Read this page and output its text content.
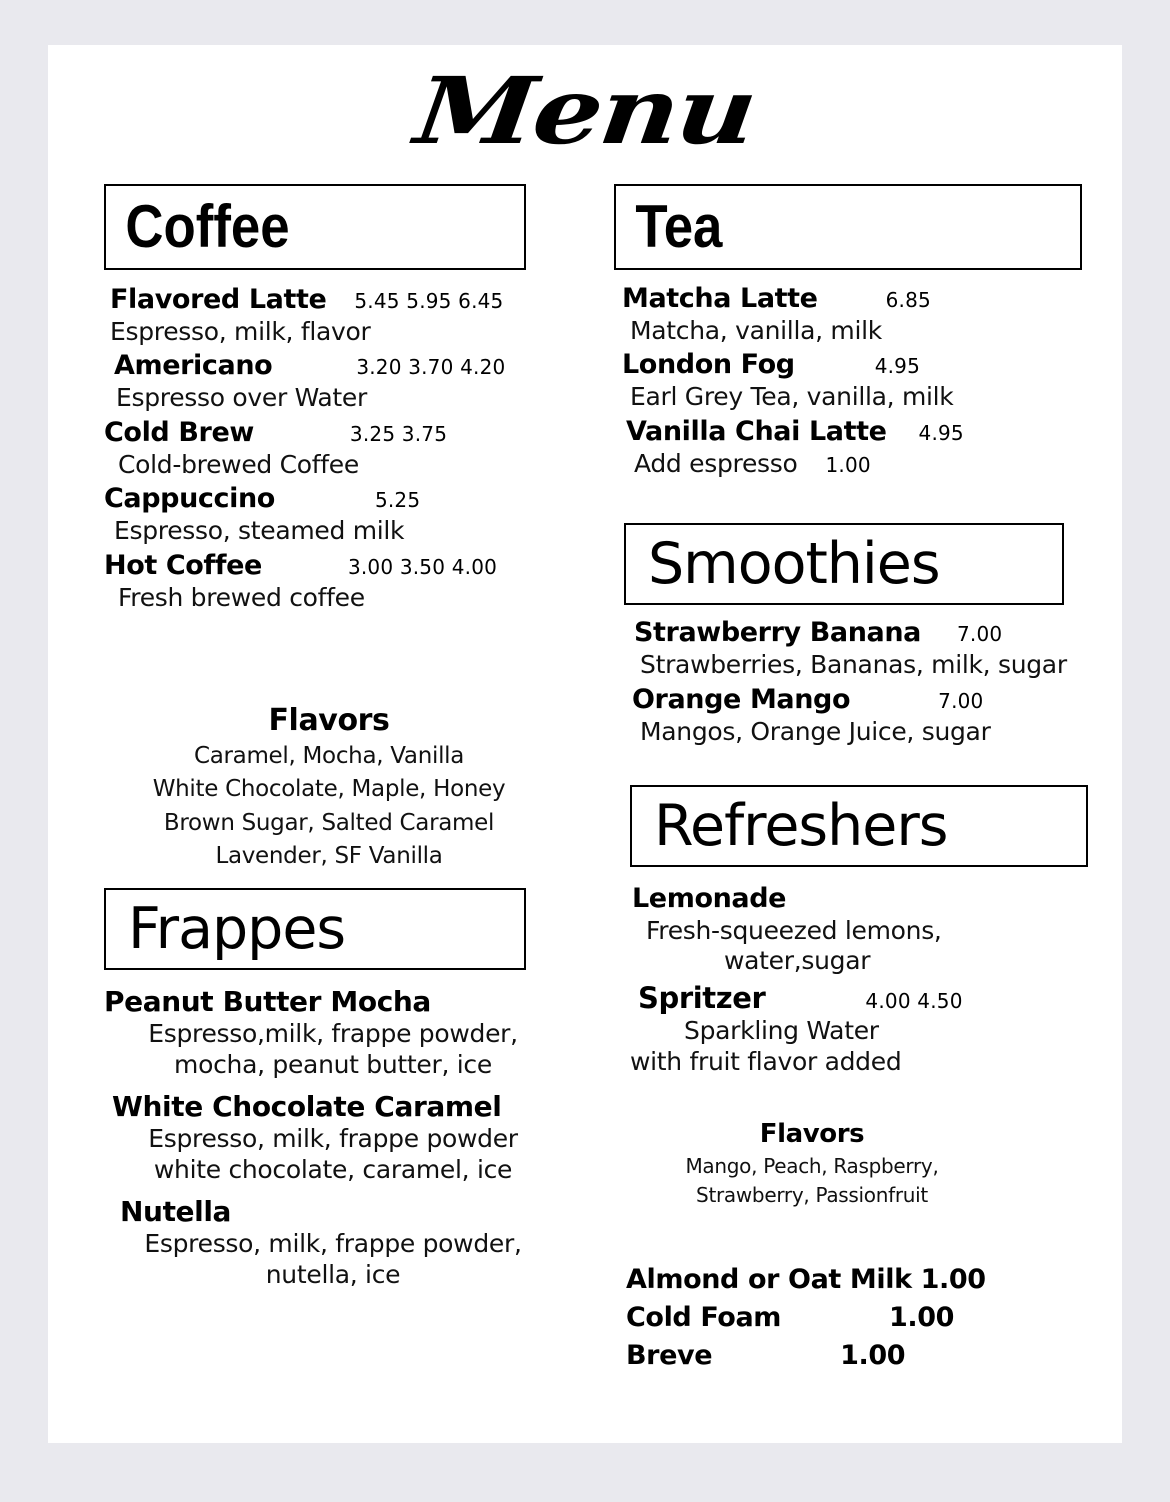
Menu
Coffee
Flavored Latte 5.45 5.95 6.45
Espresso, milk, flavor
Americano	3.20 3.70 4.20
Espresso over Water
Cold Brew	3.25 3.75
Cold-brewed Coffee
Cappuccino	5.25
Espresso, steamed milk
Hot Coffee	3.00 3.50 4.00
Fresh brewed coffee
Flavors
Caramel, Mocha, Vanilla
White Chocolate, Maple, Honey
Brown Sugar, Salted Caramel
Lavender, SF Vanilla
Frappes
Peanut Butter Mocha
Espresso,milk, frappe powder,
mocha, peanut butter, ice
White Chocolate Caramel
Espresso, milk, frappe powder
white chocolate, caramel, ice
Nutella
Espresso, milk, frappe powder,
nutella, ice
Tea
Matcha Latte	6.85
Matcha, vanilla, milk
London Fog	4.95
Earl Grey Tea, vanilla, milk
Vanilla Chai Latte 4.95
Add espresso 1.00
Smoothies
Strawberry Banana 7.00
Strawberries, Bananas, milk, sugar
Orange Mango	7.00
Mangos, Orange Juice, sugar
Refreshers
Lemonade
Fresh-squeezed lemons,
water,sugar
Spritzer	4.00 4.50
Sparkling Water
with fruit flavor added
Flavors
Mango, Peach, Raspberry,
Strawberry, Passionfruit
Almond or Oat Milk 1.00
Cold Foam	1.00
Breve	1.00
